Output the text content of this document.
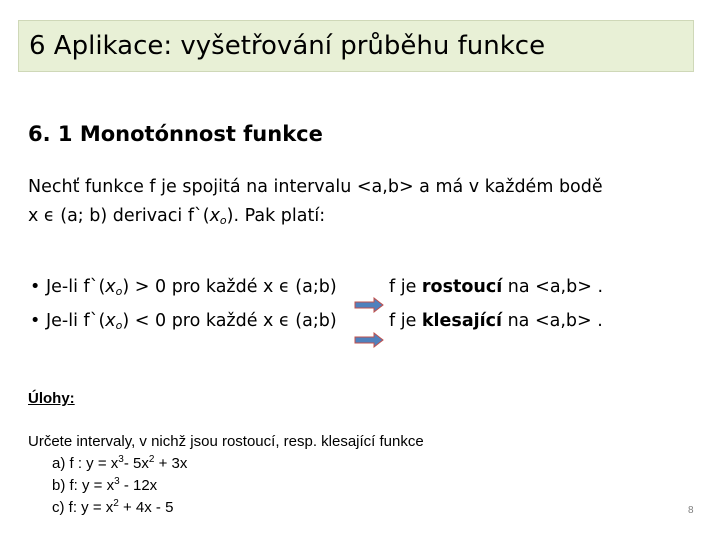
6 Aplikace: vyšetřování průběhu funkce
6. 1 Monotónnost funkce
Nechť funkce f je spojitá na intervalu <a,b> a má v každém bodě
x ϵ (a; b) derivaci $f`(x_o)$. Pak platí:
• Je-li $f`(x_o) > 0$ pro každé x ϵ (a;b)	f je rostoucí na <a,b> .
• Je-li $f`(x_o) < 0$ pro každé x ϵ (a;b)	f je klesající na <a,b> .
Úlohy:
Určete intervaly, v nichž jsou rostoucí, resp. klesající funkce
a) f : $y = x^3-$ $5x^2 + 3x$
b) f: $y = x^3 - 12x$
c) f: $y = x^2 + 4x - 5$	8
